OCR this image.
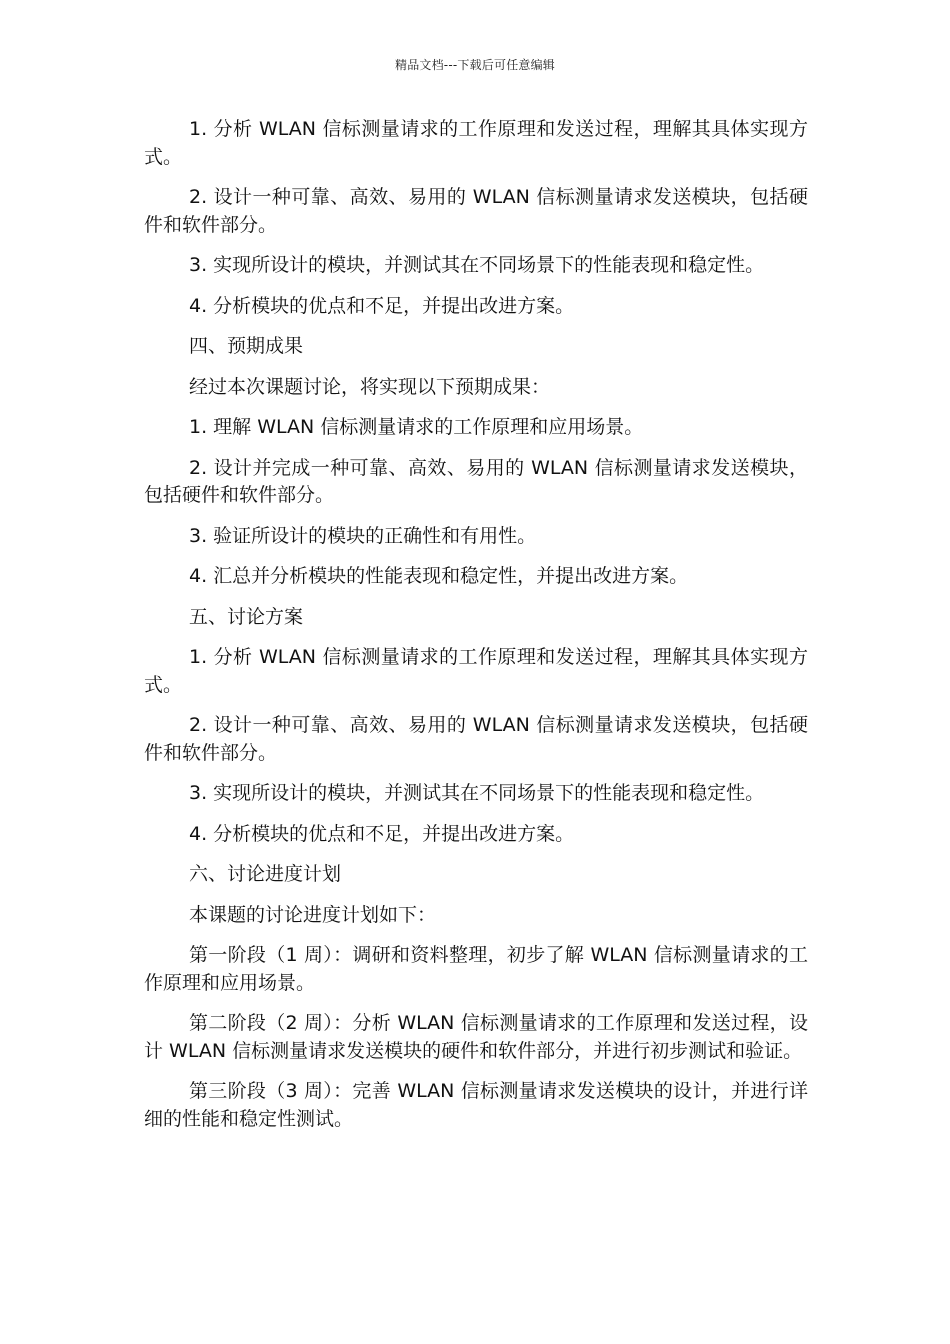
精品文档---下载后可任意编辑

1. 分析 WLAN 信标测量请求的工作原理和发送过程，理解其具体实现方式。

2. 设计一种可靠、高效、易用的 WLAN 信标测量请求发送模块，包括硬件和软件部分。

3. 实现所设计的模块，并测试其在不同场景下的性能表现和稳定性。

4. 分析模块的优点和不足，并提出改进方案。

四、预期成果

经过本次课题讨论，将实现以下预期成果：

1. 理解 WLAN 信标测量请求的工作原理和应用场景。

2. 设计并完成一种可靠、高效、易用的 WLAN 信标测量请求发送模块，包括硬件和软件部分。

3. 验证所设计的模块的正确性和有用性。

4. 汇总并分析模块的性能表现和稳定性，并提出改进方案。

五、讨论方案

1. 分析 WLAN 信标测量请求的工作原理和发送过程，理解其具体实现方式。

2. 设计一种可靠、高效、易用的 WLAN 信标测量请求发送模块，包括硬件和软件部分。

3. 实现所设计的模块，并测试其在不同场景下的性能表现和稳定性。

4. 分析模块的优点和不足，并提出改进方案。

六、讨论进度计划

本课题的讨论进度计划如下：

第一阶段（1 周）：调研和资料整理，初步了解 WLAN 信标测量请求的工作原理和应用场景。

第二阶段（2 周）：分析 WLAN 信标测量请求的工作原理和发送过程，设计 WLAN 信标测量请求发送模块的硬件和软件部分，并进行初步测试和验证。

第三阶段（3 周）：完善 WLAN 信标测量请求发送模块的设计，并进行详细的性能和稳定性测试。
